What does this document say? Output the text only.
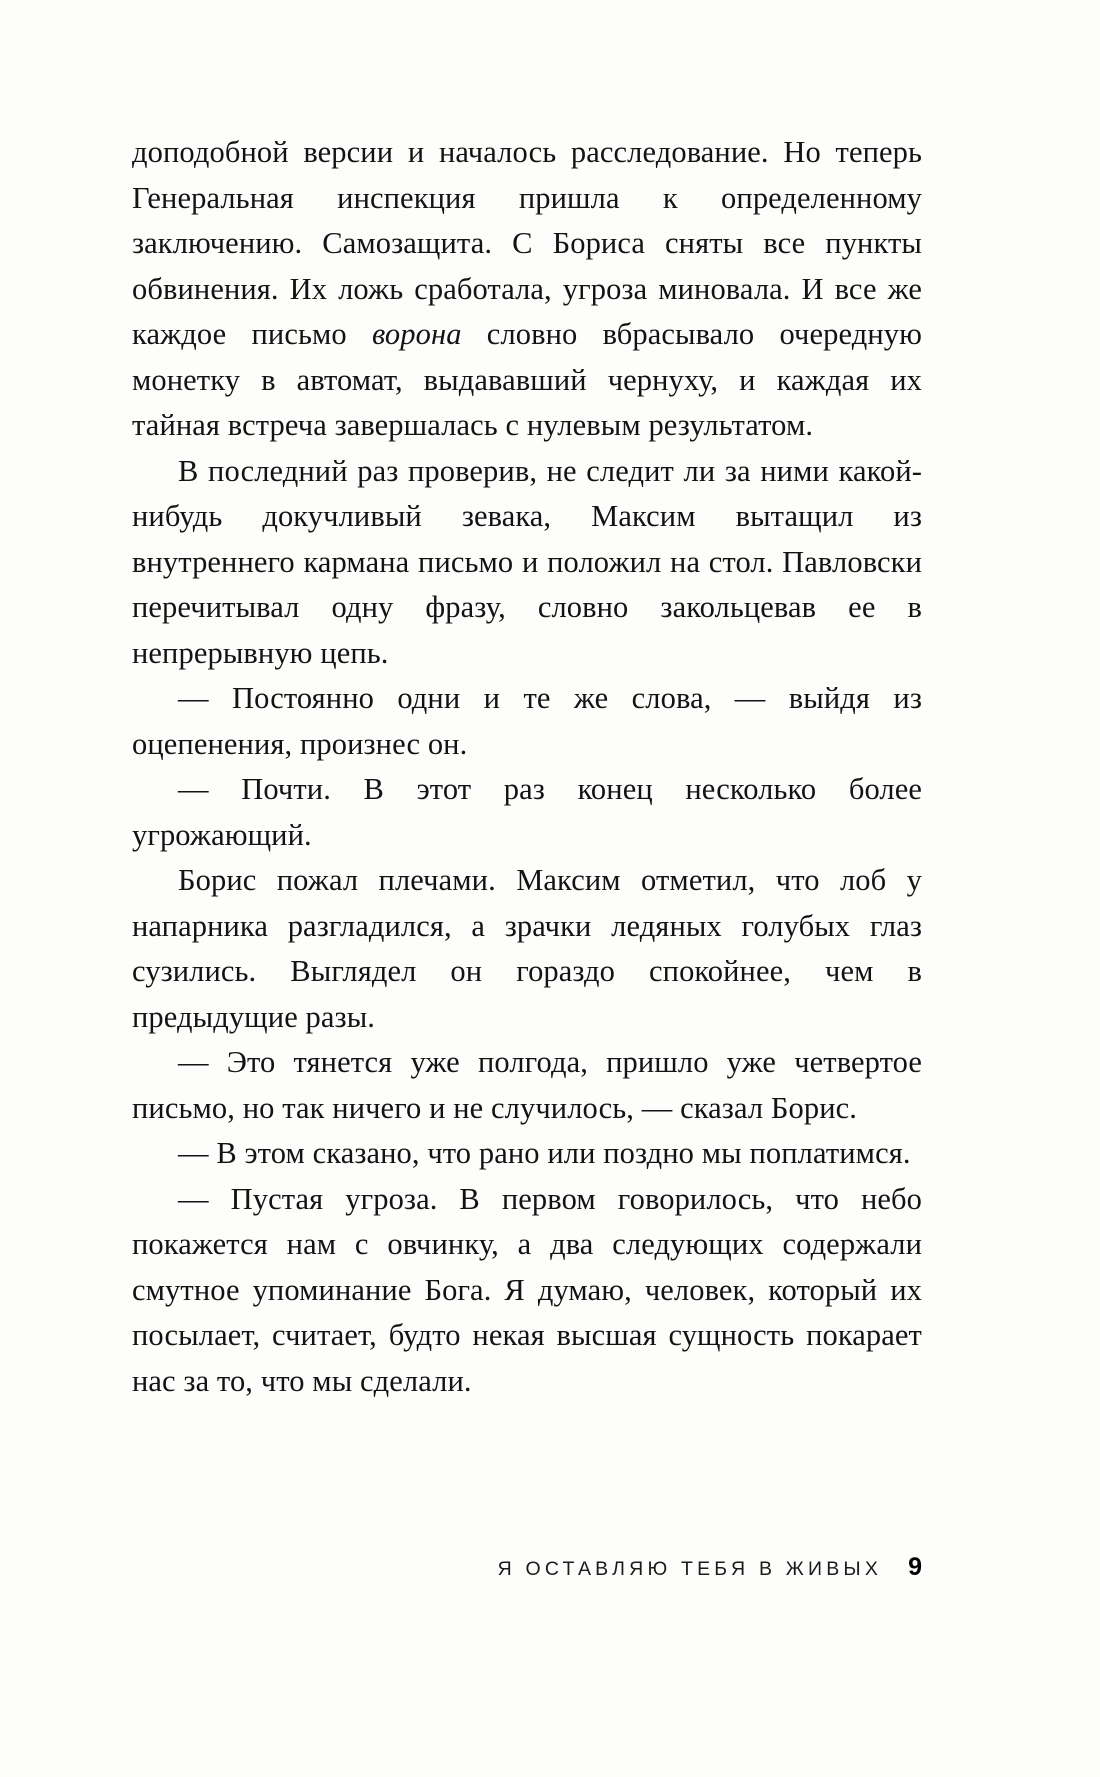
доподобной версии и началось расследование. Но теперь Генеральная инспекция пришла к определенному заключению. Самозащита. С Бориса сняты все пункты обвинения. Их ложь сработала, угроза миновала. И все же каждое письмо ворона словно вбрасывало очередную монетку в автомат, выдававший чернуху, и каждая их тайная встреча завершалась с нулевым результатом.

В последний раз проверив, не следит ли за ними какой-нибудь докучливый зевака, Максим вытащил из внутреннего кармана письмо и положил на стол. Павловски перечитывал одну фразу, словно закольцевав ее в непрерывную цепь.

— Постоянно одни и те же слова, — выйдя из оцепенения, произнес он.

— Почти. В этот раз конец несколько более угрожающий.

Борис пожал плечами. Максим отметил, что лоб у напарника разгладился, а зрачки ледяных голубых глаз сузились. Выглядел он гораздо спокойнее, чем в предыдущие разы.

— Это тянется уже полгода, пришло уже четвертое письмо, но так ничего и не случилось, — сказал Борис.

— В этом сказано, что рано или поздно мы поплатимся.

— Пустая угроза. В первом говорилось, что небо покажется нам с овчинку, а два следующих содержали смутное упоминание Бога. Я думаю, человек, который их посылает, считает, будто некая высшая сущность покарает нас за то, что мы сделали.

Я ОСТАВЛЯЮ ТЕБЯ В ЖИВЫХ 9
